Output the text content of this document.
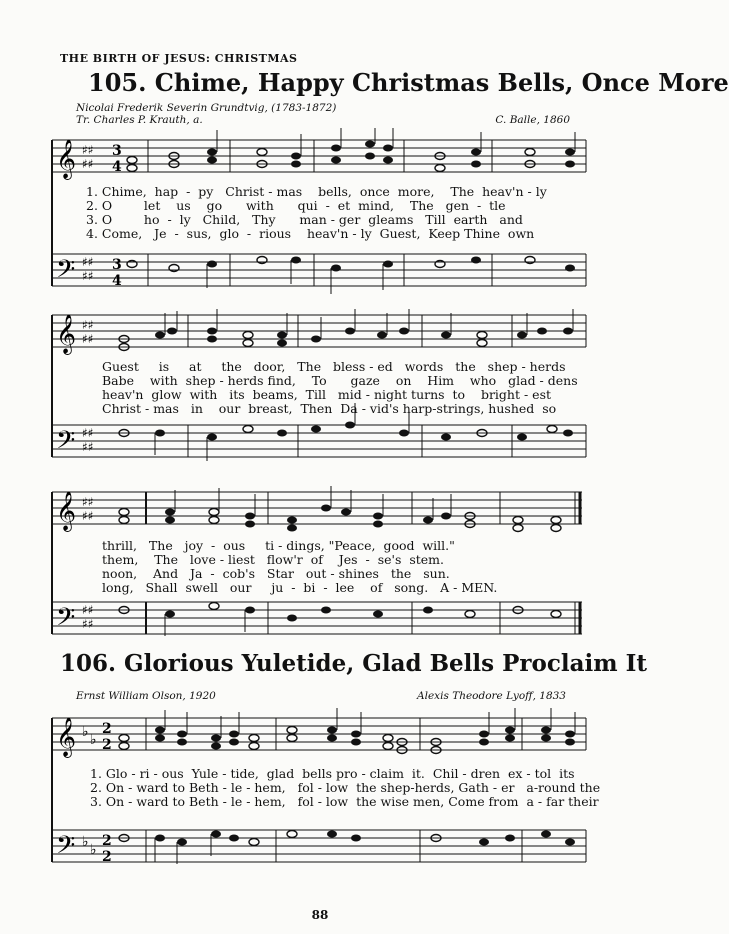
THE BIRTH OF JESUS: CHRISTMAS
105. Chime, Happy Christmas Bells, Once More
Nicolai Frederik Severin Grundtvig, (1783-1872)
Tr. Charles P. Krauth, a.	C. Balle, 1860
𝄞
𝄢
♯♯
♯♯
♯♯
♯♯
3
4
3
4
1. Chime,  hap  -  py   Christ - mas    bells,  once  more,    The  heav'n - ly
2. O        let    us    go      with      qui  -  et  mind,    The   gen  -  tle
3. O        ho  -  ly   Child,   Thy      man - ger  gleams   Till  earth   and
4. Come,   Je  -  sus,  glo  -  rious    heav'n - ly  Guest,  Keep Thine  own
𝄞
𝄢
♯♯
♯♯
♯♯
♯♯
Guest     is     at     the   door,   The   bless - ed   words   the   shep - herds
Babe    with  shep - herds find,    To      gaze    on    Him    who   glad - dens
heav'n  glow  with   its  beams,  Till   mid - night turns  to    bright - est
Christ - mas   in    our  breast,  Then  Da - vid's harp-strings, hushed  so
𝄞
𝄢
♯♯
♯♯
♯♯
♯♯
thrill,   The   joy  -  ous     ti - dings, "Peace,  good  will."
them,    The   love - liest   flow'r  of    Jes  -  se's  stem.
noon,    And   Ja  -  cob's   Star   out - shines   the   sun.
long,   Shall  swell   our     ju  -  bi  -  lee    of   song.   A - MEN.
106. Glorious Yuletide, Glad Bells Proclaim It
Ernst William Olson, 1920	Alexis Theodore Lyoff, 1833
𝄞
𝄢
♭ ♭
♭ ♭
2
2
2
2
1. Glo - ri - ous  Yule - tide,  glad  bells pro - claim  it.  Chil - dren  ex - tol  its
2. On - ward to Beth - le - hem,   fol - low  the shep-herds, Gath - er   a-round the
3. On - ward to Beth - le - hem,   fol - low  the wise men, Come from  a - far their
88
